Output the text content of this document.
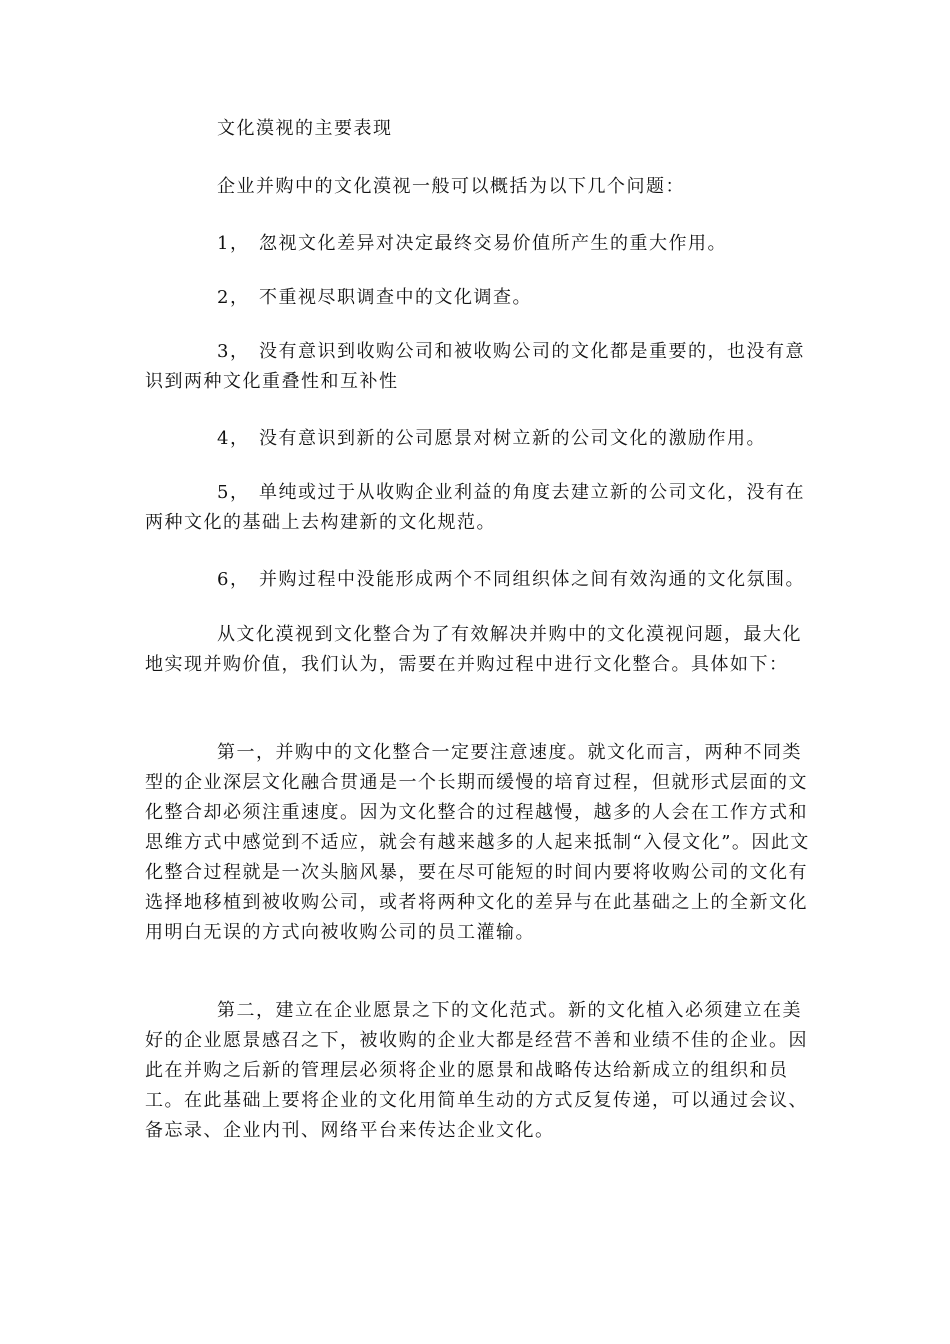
文化漠视的主要表现
企业并购中的文化漠视一般可以概括为以下几个问题：
1， 忽视文化差异对决定最终交易价值所产生的重大作用。
2， 不重视尽职调查中的文化调查。
3， 没有意识到收购公司和被收购公司的文化都是重要的，也没有意识到两种文化重叠性和互补性
4， 没有意识到新的公司愿景对树立新的公司文化的激励作用。
5， 单纯或过于从收购企业利益的角度去建立新的公司文化，没有在两种文化的基础上去构建新的文化规范。
6， 并购过程中没能形成两个不同组织体之间有效沟通的文化氛围。
从文化漠视到文化整合为了有效解决并购中的文化漠视问题，最大化地实现并购价值，我们认为，需要在并购过程中进行文化整合。具体如下：
第一，并购中的文化整合一定要注意速度。就文化而言，两种不同类型的企业深层文化融合贯通是一个长期而缓慢的培育过程，但就形式层面的文化整合却必须注重速度。因为文化整合的过程越慢，越多的人会在工作方式和思维方式中感觉到不适应，就会有越来越多的人起来抵制“入侵文化”。因此文化整合过程就是一次头脑风暴，要在尽可能短的时间内要将收购公司的文化有选择地移植到被收购公司，或者将两种文化的差异与在此基础之上的全新文化用明白无误的方式向被收购公司的员工灌输。
第二，建立在企业愿景之下的文化范式。新的文化植入必须建立在美好的企业愿景感召之下，被收购的企业大都是经营不善和业绩不佳的企业。因此在并购之后新的管理层必须将企业的愿景和战略传达给新成立的组织和员工。在此基础上要将企业的文化用简单生动的方式反复传递，可以通过会议、备忘录、企业内刊、网络平台来传达企业文化。
